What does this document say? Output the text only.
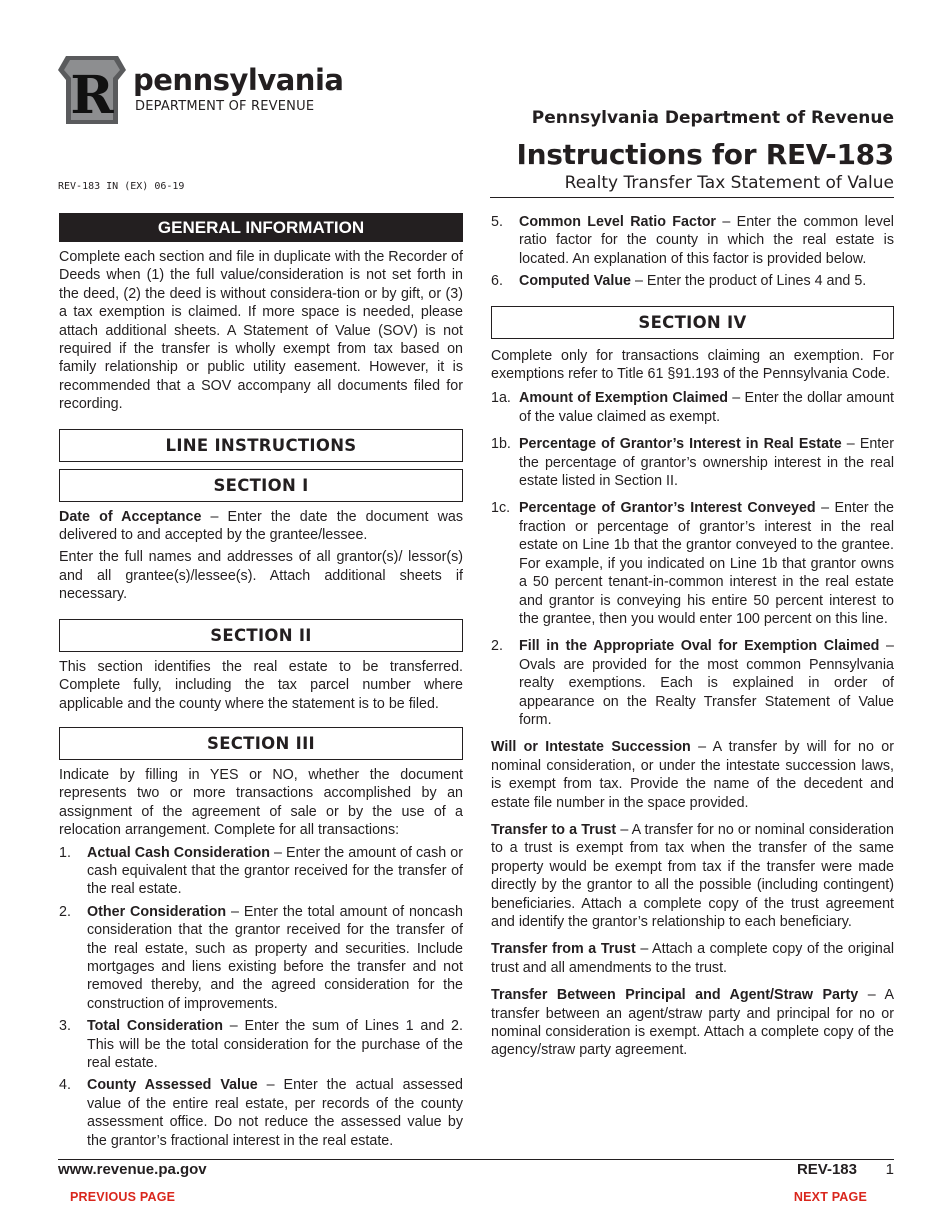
R pennsylvania
DEPARTMENT OF REVENUE
Pennsylvania Department of Revenue
Instructions for REV-183
Realty Transfer Tax Statement of Value
REV-183 IN (EX) 06-19
GENERAL INFORMATION

Complete each section and file in duplicate with the Recorder of Deeds when (1) the full value/consideration is not set forth in the deed, (2) the deed is without considera-tion or by gift, or (3) a tax exemption is claimed. If more space is needed, please attach additional sheets. A Statement of Value (SOV) is not required if the transfer is wholly exempt from tax based on family relationship or public utility easement. However, it is recommended that a SOV accompany all documents filed for recording.

LINE INSTRUCTIONS
SECTION I

Date of Acceptance – Enter the date the document was delivered to and accepted by the grantee/lessee.

Enter the full names and addresses of all grantor(s)/ lessor(s) and all grantee(s)/lessee(s). Attach additional sheets if necessary.

SECTION II

This section identifies the real estate to be transferred. Complete fully, including the tax parcel number where applicable and the county where the statement is to be filed.

SECTION III

Indicate by filling in YES or NO, whether the document represents two or more transactions accomplished by an assignment of the agreement of sale or by the use of a relocation arrangement. Complete for all transactions:

1.	Actual Cash Consideration – Enter the amount of cash or cash equivalent that the grantor received for the transfer of the real estate.
2.	Other Consideration – Enter the total amount of noncash consideration that the grantor received for the transfer of the real estate, such as property and securities. Include mortgages and liens existing before the transfer and not removed thereby, and the agreed consideration for the construction of improvements.
3.	Total Consideration – Enter the sum of Lines 1 and 2. This will be the total consideration for the purchase of the real estate.
4.	County Assessed Value – Enter the actual assessed value of the entire real estate, per records of the county assessment office. Do not reduce the assessed value by the grantor’s fractional interest in the real estate.
5.	Common Level Ratio Factor – Enter the common level ratio factor for the county in which the real estate is located. An explanation of this factor is provided below.
6.	Computed Value – Enter the product of Lines 4 and 5.
SECTION IV

Complete only for transactions claiming an exemption. For exemptions refer to Title 61 §91.193 of the Pennsylvania Code.

1a. Amount of Exemption Claimed – Enter the dollar amount of the value claimed as exempt.
1b. Percentage of Grantor’s Interest in Real Estate – Enter the percentage of grantor’s ownership interest in the real estate listed in Section II.
1c. Percentage of Grantor’s Interest Conveyed – Enter the fraction or percentage of grantor’s interest in the real estate on Line 1b that the grantor conveyed to the grantee. For example, if you indicated on Line 1b that grantor owns a 50 percent tenant-in-common interest in the real estate and grantor is conveying his entire 50 percent interest to the grantee, then you would enter 100 percent on this line.
2.	Fill in the Appropriate Oval for Exemption Claimed – Ovals are provided for the most common Pennsylvania realty exemptions. Each is explained in order of appearance on the Realty Transfer Statement of Value form.

Will or Intestate Succession – A transfer by will for no or nominal consideration, or under the intestate succession laws, is exempt from tax. Provide the name of the decedent and estate file number in the space provided.

Transfer to a Trust – A transfer for no or nominal consideration to a trust is exempt from tax when the transfer of the same property would be exempt from tax if the transfer were made directly by the grantor to all the possible (including contingent) beneficiaries. Attach a complete copy of the trust agreement and identify the grantor’s relationship to each beneficiary.

Transfer from a Trust – Attach a complete copy of the original trust and all amendments to the trust.

Transfer Between Principal and Agent/Straw Party – A transfer between an agent/straw party and principal for no or nominal consideration is exempt. Attach a complete copy of the agency/straw party agreement.

www.revenue.pa.gov	REV-183 1
PREVIOUS PAGE	NEXT PAGE
